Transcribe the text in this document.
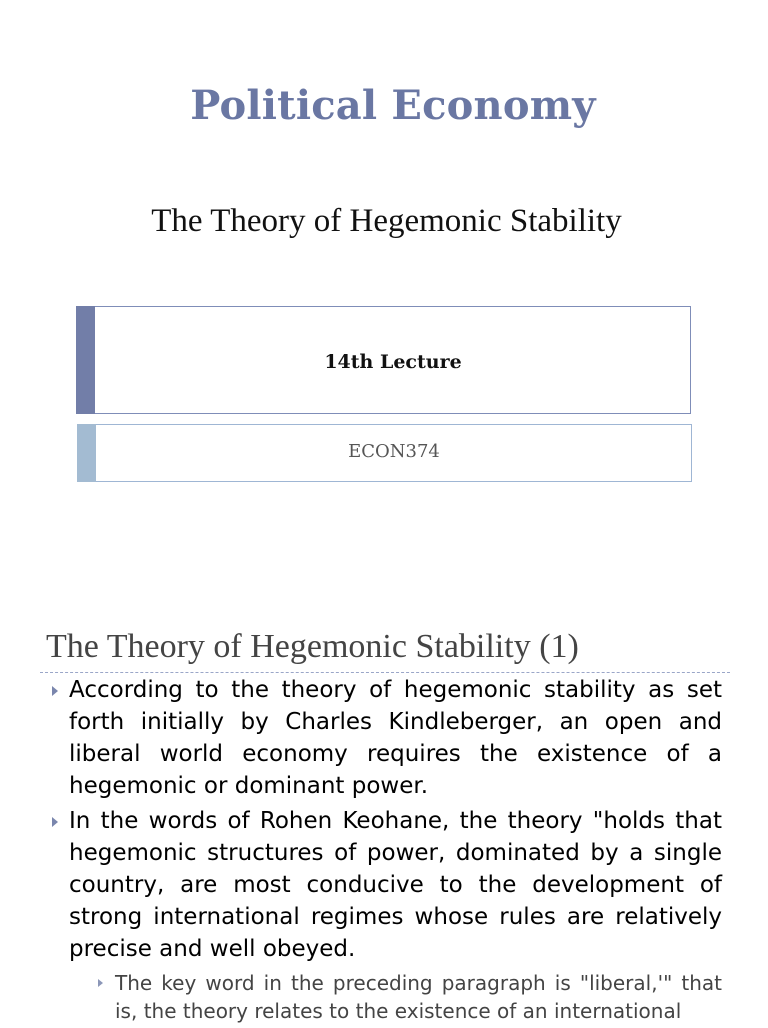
Political Economy
The Theory of Hegemonic Stability
14th Lecture
ECON374
The Theory of Hegemonic Stability (1)
According to the theory of hegemonic stability as set forth initially by Charles Kindleberger, an open and liberal world economy requires the existence of a hegemonic or dominant power.
In the words of Rohen Keohane, the theory "holds that hegemonic structures of power, dominated by a single country, are most conducive to the development of strong international regimes whose rules are relatively precise and well obeyed.
The key word in the preceding paragraph is "liberal,'" that is, the theory relates to the existence of an international
